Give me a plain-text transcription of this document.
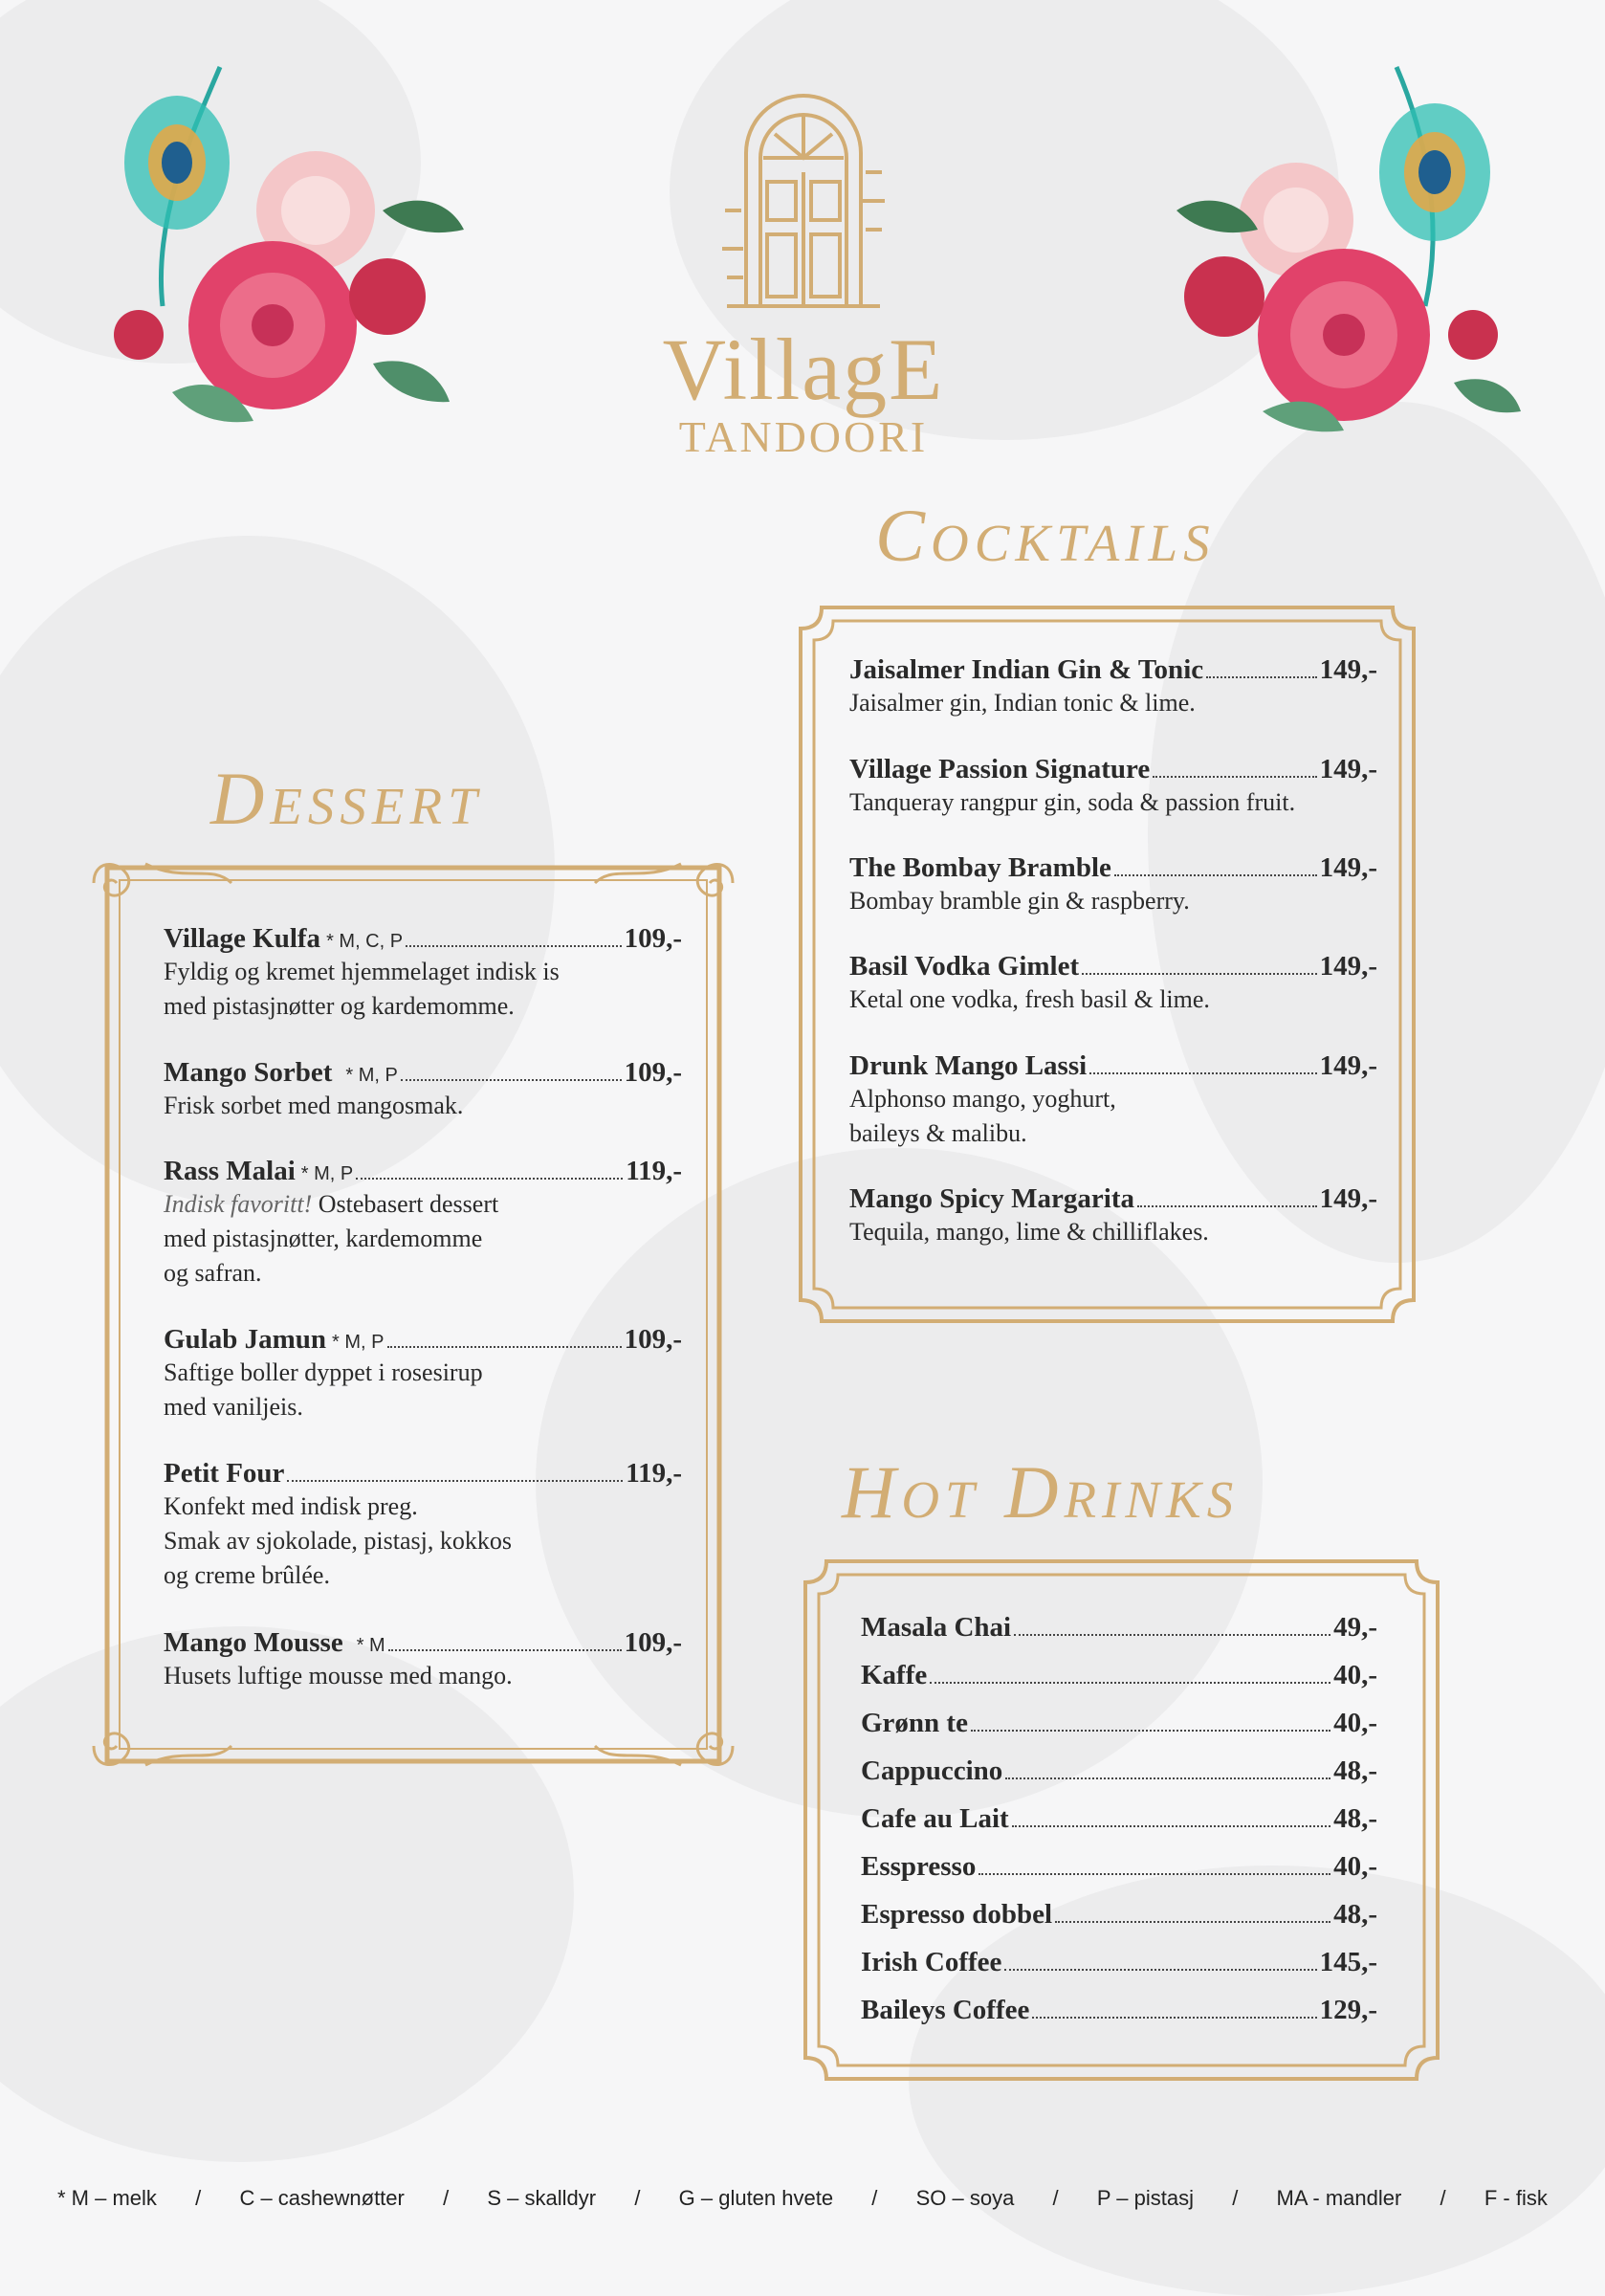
VillagE
TANDOORI
Cocktails
Hot Drinks
Dessert
Jaisalmer Indian Gin & Tonic	149,-
Jaisalmer gin, Indian tonic & lime.
Village Passion Signature	149,-
Tanqueray rangpur gin, soda & passion fruit.
The Bombay Bramble	149,-
Bombay bramble gin & raspberry.
Basil Vodka Gimlet	149,-
Ketal one vodka, fresh basil & lime.
Drunk Mango Lassi	149,-
Alphonso mango, yoghurt,
baileys & malibu.
Mango Spicy Margarita	149,-
Tequila, mango, lime & chilliflakes.
Village Kulfa * M, C, P	109,-
Fyldig og kremet hjemmelaget indisk is
med pistasjnøtter og kardemomme.
Mango Sorbet * M, P	109,-
Frisk sorbet med mangosmak.
Rass Malai * M, P	119,-
Indisk favoritt! Ostebasert dessert
med pistasjnøtter, kardemomme
og safran.
Gulab Jamun * M, P	109,-
Saftige boller dyppet i rosesirup
med vaniljeis.
Petit Four	119,-
Konfekt med indisk preg.
Smak av sjokolade, pistasj, kokkos
og creme brûlée.
Mango Mousse * M	109,-
Husets luftige mousse med mango.
Masala Chai	49,-
Kaffe	40,-
Grønn te	40,-
Cappuccino	48,-
Cafe au Lait	48,-
Esspresso	40,-
Espresso dobbel	48,-
Irish Coffee	145,-
Baileys Coffee	129,-
* M – melk / C – cashewnøtter / S – skalldyr / G – gluten hvete / SO – soya / P – pistasj / MA - mandler / F - fisk
